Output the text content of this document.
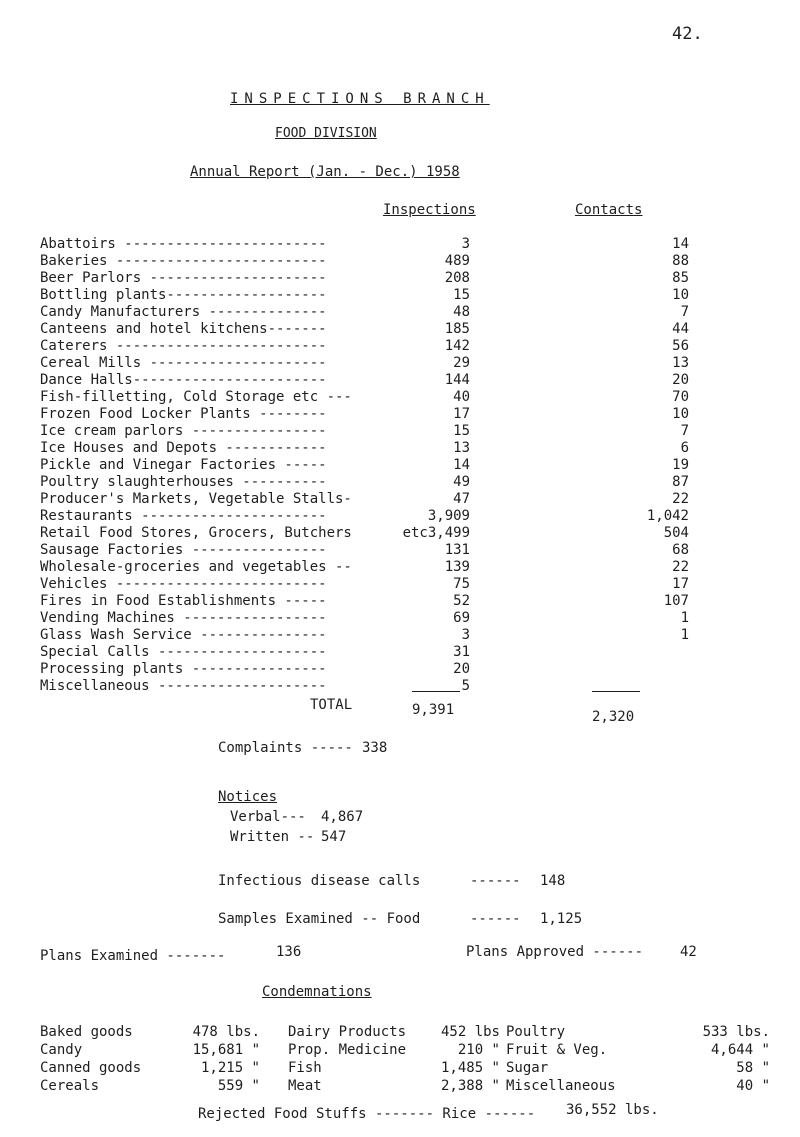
42.
INSPECTIONS BRANCH
FOOD DIVISION
Annual Report (Jan. - Dec.) 1958
Inspections	Contacts
Abattoirs ------------------------	3	14
Bakeries -------------------------	489	88
Beer Parlors ---------------------	208	85
Bottling plants-------------------	15	10
Candy Manufacturers --------------	48	7
Canteens and hotel kitchens-------	185	44
Caterers -------------------------	142	56
Cereal Mills ---------------------	29	13
Dance Halls-----------------------	144	20
Fish-filletting, Cold Storage etc ---	40	70
Frozen Food Locker Plants --------	17	10
Ice cream parlors ----------------	15	7
Ice Houses and Depots ------------	13	6
Pickle and Vinegar Factories -----	14	19
Poultry slaughterhouses ----------	49	87
Producer's Markets, Vegetable Stalls-	47	22
Restaurants ----------------------	3,909	1,042
Retail Food Stores, Grocers, Butchers	etc3,499	504
Sausage Factories ----------------	131	68
Wholesale-groceries and vegetables --	139	22
Vehicles -------------------------	75	17
Fires in Food Establishments -----	52	107
Vending Machines -----------------	69	1
Glass Wash Service ---------------	3	1
Special Calls --------------------	31
Processing plants ----------------	20
Miscellaneous --------------------	5
TOTAL	9,391	2,320
Complaints ----- 338
Notices
Verbal--- 4,867
Written -- 547
Infectious disease calls	------ 148
Samples Examined -- Food	------ 1,125
Plans Examined -------	136	Plans Approved ------	42
Condemnations
Baked goods	478 lbs. Dairy Products 452 lbs Poultry	533 lbs.
Candy	15,681 " Prop. Medicine	210 " Fruit & Veg.	4,644 "
Canned goods	1,215 " Fish	1,485 " Sugar	58 "
Cereals	559 " Meat	2,388 " Miscellaneous	40 "
Rejected Food Stuffs ------- Rice ------ 36,552 lbs.
